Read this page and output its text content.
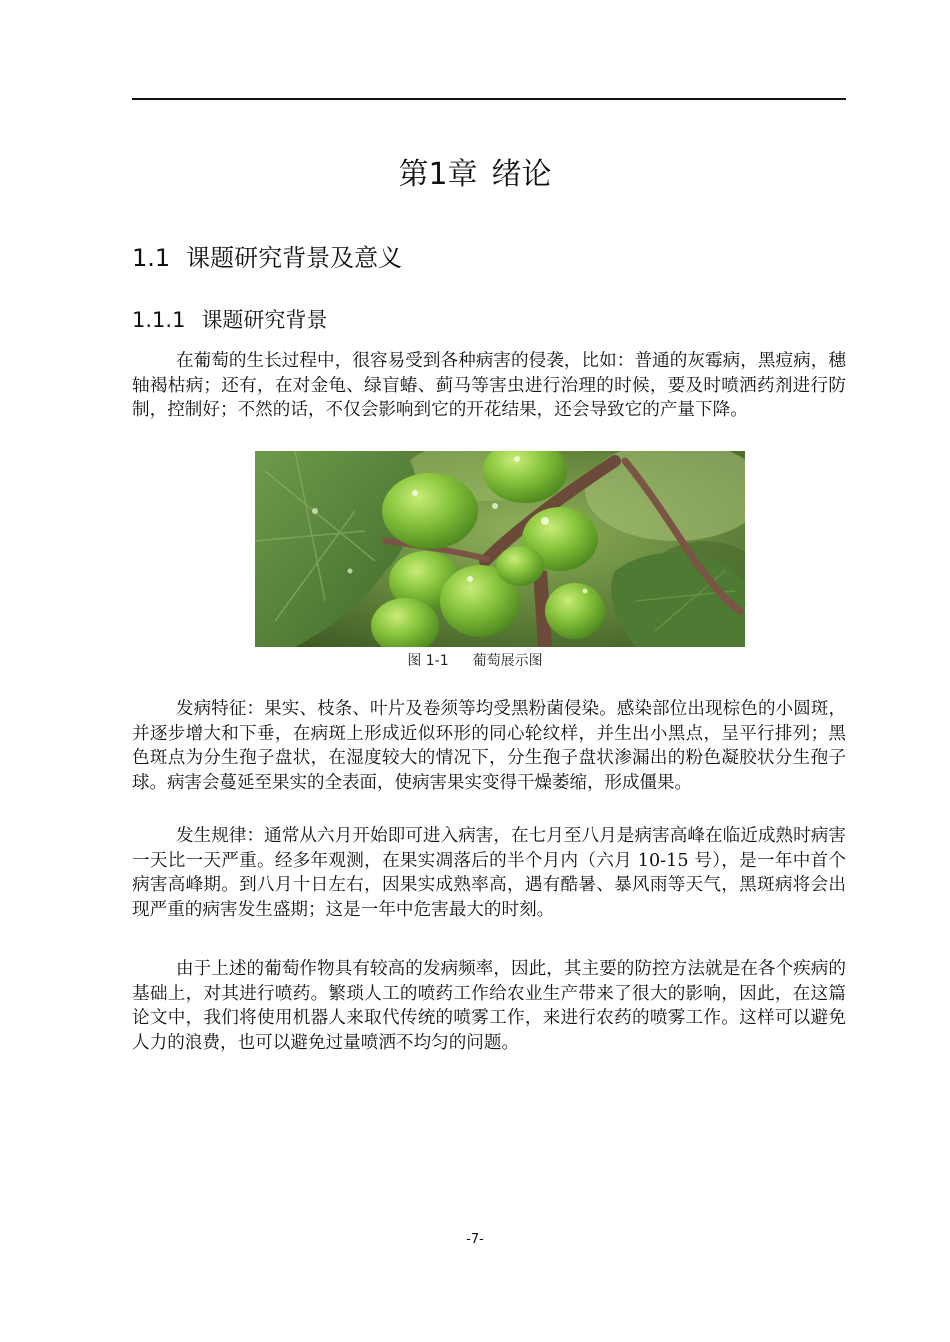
第1章 绪论
1.1 课题研究背景及意义
1.1.1 课题研究背景

在葡萄的生长过程中，很容易受到各种病害的侵袭，比如：普通的灰霉病，黑痘病，穗轴褐枯病；还有，在对金龟、绿盲蝽、蓟马等害虫进行治理的时候，要及时喷洒药剂进行防制，控制好；不然的话，不仅会影响到它的开花结果，还会导致它的产量下降。

图 1-1 葡萄展示图

发病特征：果实、枝条、叶片及卷须等均受黑粉菌侵染。感染部位出现棕色的小圆斑，并逐步增大和下垂，在病斑上形成近似环形的同心轮纹样，并生出小黑点，呈平行排列；黑色斑点为分生孢子盘状，在湿度较大的情况下，分生孢子盘状渗漏出的粉色凝胶状分生孢子球。病害会蔓延至果实的全表面，使病害果实变得干燥萎缩，形成僵果。

发生规律：通常从六月开始即可进入病害，在七月至八月是病害高峰在临近成熟时病害一天比一天严重。经多年观测，在果实凋落后的半个月内（六月 10-15 号），是一年中首个病害高峰期。到八月十日左右，因果实成熟率高，遇有酷暑、暴风雨等天气，黑斑病将会出现严重的病害发生盛期；这是一年中危害最大的时刻。

由于上述的葡萄作物具有较高的发病频率，因此，其主要的防控方法就是在各个疾病的基础上，对其进行喷药。繁琐人工的喷药工作给农业生产带来了很大的影响，因此，在这篇论文中，我们将使用机器人来取代传统的喷雾工作，来进行农药的喷雾工作。这样可以避免人力的浪费，也可以避免过量喷洒不均匀的问题。

-7-
